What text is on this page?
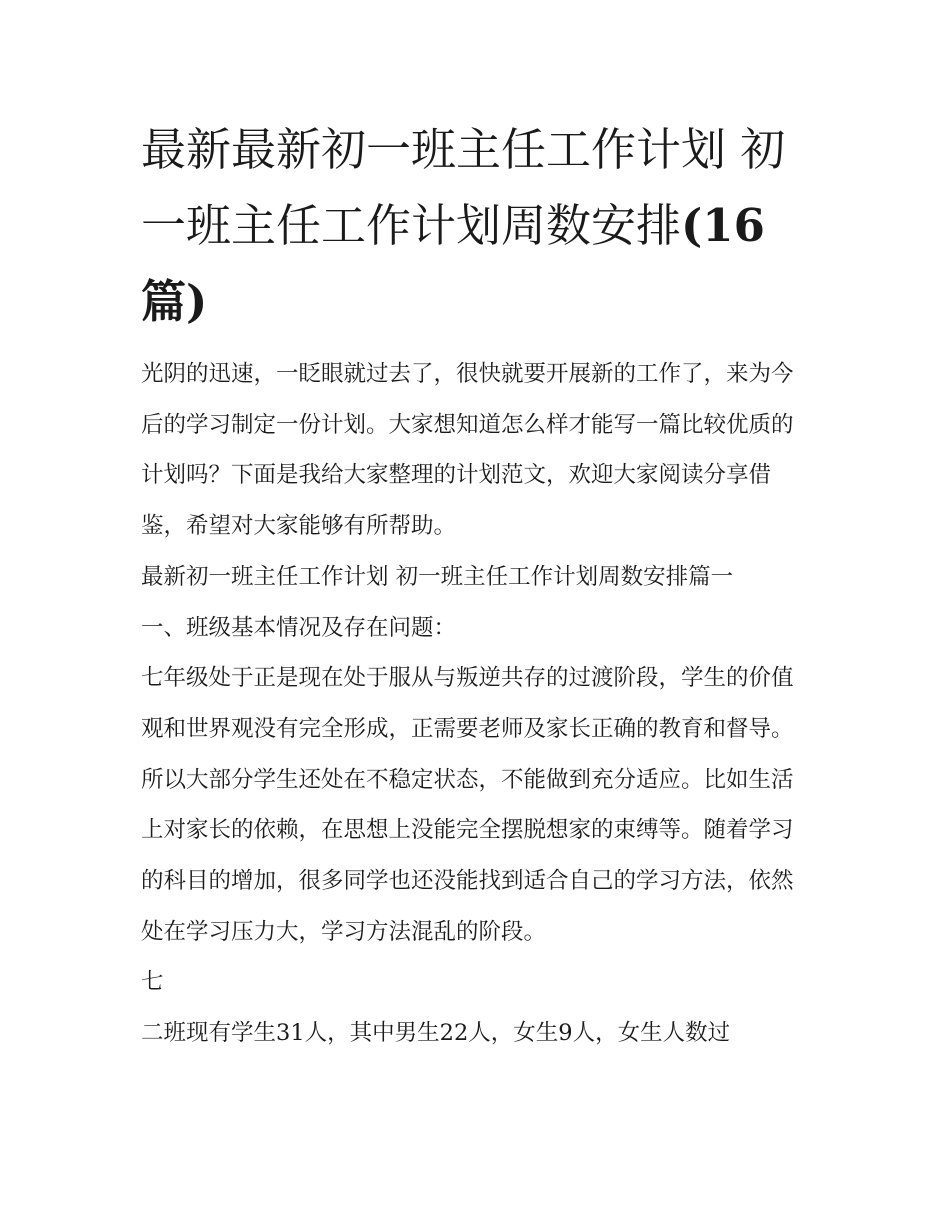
最新最新初一班主任工作计划 初一班主任工作计划周数安排(16篇)

光阴的迅速，一眨眼就过去了，很快就要开展新的工作了，来为今后的学习制定一份计划。大家想知道怎么样才能写一篇比较优质的计划吗？下面是我给大家整理的计划范文，欢迎大家阅读分享借鉴，希望对大家能够有所帮助。

最新初一班主任工作计划 初一班主任工作计划周数安排篇一

一、班级基本情况及存在问题：

七年级处于正是现在处于服从与叛逆共存的过渡阶段，学生的价值观和世界观没有完全形成，正需要老师及家长正确的教育和督导。所以大部分学生还处在不稳定状态，不能做到充分适应。比如生活上对家长的依赖，在思想上没能完全摆脱想家的束缚等。随着学习的科目的增加，很多同学也还没能找到适合自己的学习方法，依然处在学习压力大，学习方法混乱的阶段。

七

二班现有学生31人，其中男生22人，女生9人，女生人数过
